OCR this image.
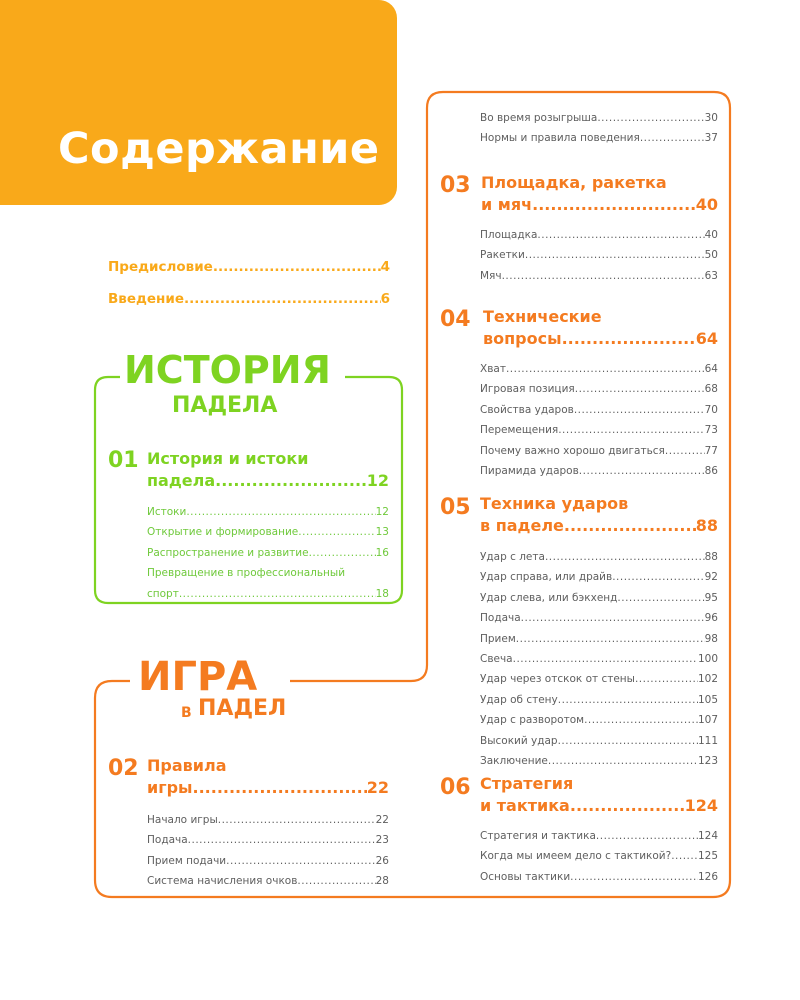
Содержание
Предисловие .....	4
Введение .....	6
ИСТОРИЯ
ПАДЕЛА
01 История и истоки
падела .....	12
Истоки .....	12
Открытие и формирование .....	13
Распространение и развитие .....	16
Превращение в профессиональный
спорт .....	18
ИГРА
В ПАДЕЛ
02 Правила
игры .....	22
Начало игры .....	22
Подача .....	23
Прием подачи .....	26
Система начисления очков .....	28
Во время розыгрыша .....	30
Нормы и правила поведения .....	37
03 Площадка, ракетка
и мяч .....	40
Площадка .....	40
Ракетки .....	50
Мяч .....	63
04 Технические
вопросы .....	64
Хват .....	64
Игровая позиция .....	68
Свойства ударов .....	70
Перемещения .....	73
Почему важно хорошо двигаться .....	77
Пирамида ударов .....	86
05 Техника ударов
в паделе .....	88
Удар с лета .....	88
Удар справа, или драйв .....	92
Удар слева, или бэкхенд .....	95
Подача .....	96
Прием .....	98
Свеча .....	100
Удар через отскок от стены .....	102
Удар об стену .....	105
Удар с разворотом .....	107
Высокий удар .....	111
Заключение .....	123
06 Стратегия
и тактика .....	124
Стратегия и тактика .....	124
Когда мы имеем дело с тактикой? .....	125
Основы тактики .....	126
